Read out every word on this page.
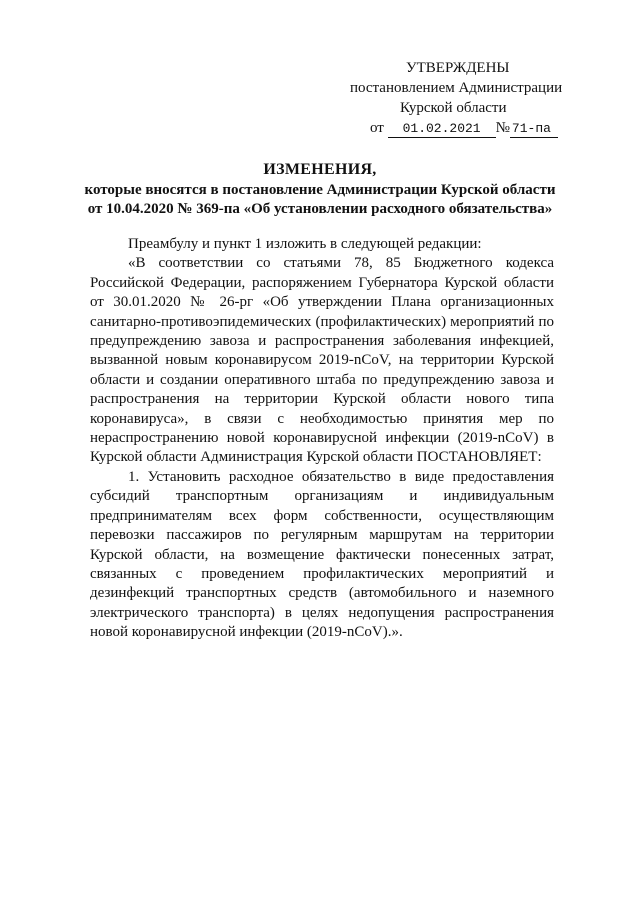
УТВЕРЖДЕНЫ
постановлением Администрации
Курской области
от 01.02.2021 № 71-па
ИЗМЕНЕНИЯ,
которые вносятся в постановление Администрации Курской области
от 10.04.2020 № 369-па «Об установлении расходного обязательства»

Преамбулу и пункт 1 изложить в следующей редакции:

«В соответствии со статьями 78, 85 Бюджетного кодекса Российской Федерации, распоряжением Губернатора Курской области от 30.01.2020 № 26-рг «Об утверждении Плана организационных санитарно-противоэпидемических (профилактических) мероприятий по предупреждению завоза и распространения заболевания инфекцией, вызванной новым коронавирусом 2019-nCoV, на территории Курской области и создании оперативного штаба по предупреждению завоза и распространения на территории Курской области нового типа коронавируса», в связи с необходимостью принятия мер по нераспространению новой коронавирусной инфекции (2019-nCoV) в Курской области Администрация Курской области ПОСТАНОВЛЯЕТ:

1. Установить расходное обязательство в виде предоставления субсидий транспортным организациям и индивидуальным предпринимателям всех форм собственности, осуществляющим перевозки пассажиров по регулярным маршрутам на территории Курской области, на возмещение фактически понесенных затрат, связанных с проведением профилактических мероприятий и дезинфекций транспортных средств (автомобильного и наземного электрического транспорта) в целях недопущения распространения новой коронавирусной инфекции (2019-nCoV).».
